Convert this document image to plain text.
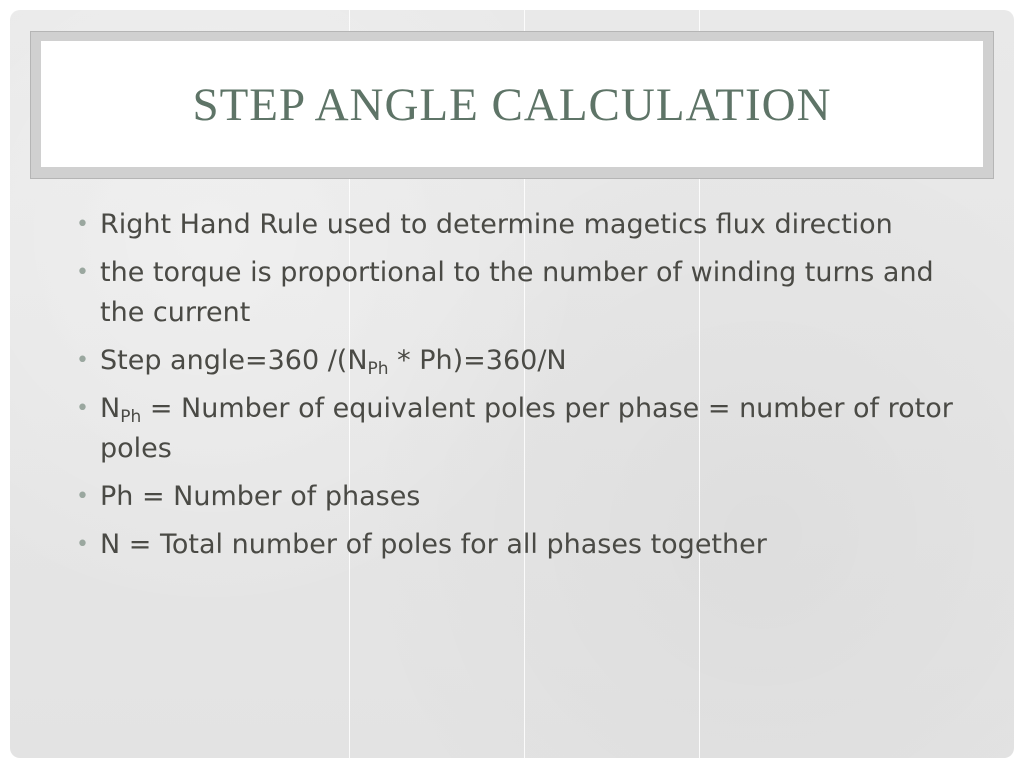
STEP ANGLE CALCULATION
• Right Hand Rule used to determine magetics flux direction
• the torque is proportional to the number of winding turns and the current
• Step angle=360 $/(N_{Ph} * Ph)=360/N$
• $N_{Ph}$ = Number of equivalent poles per phase = number of rotor poles
• Ph = Number of phases
• N = Total number of poles for all phases together
